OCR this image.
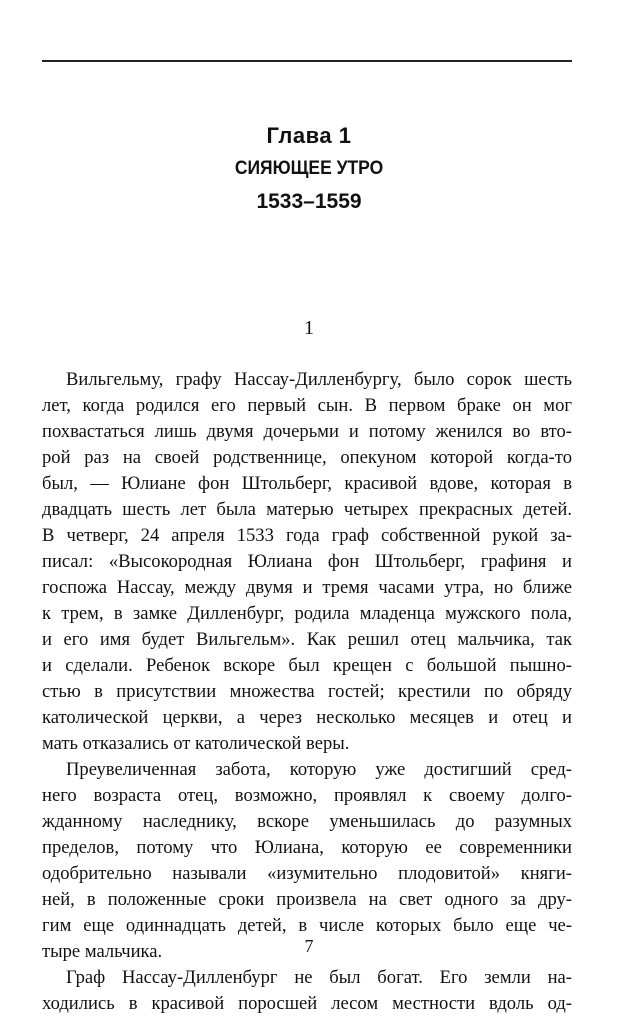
Глава 1
СИЯЮЩЕЕ УТРО
1533–1559
1
Вильгельму, графу Нассау-Дилленбургу, было сорок шесть
лет, когда родился его первый сын. В первом браке он мог
похвастаться лишь двумя дочерьми и потому женился во вто-
рой раз на своей родственнице, опекуном которой когда-то
был, — Юлиане фон Штольберг, красивой вдове, которая в
двадцать шесть лет была матерью четырех прекрасных детей.
В четверг, 24 апреля 1533 года граф собственной рукой за-
писал: «Высокородная Юлиана фон Штольберг, графиня и
госпожа Нассау, между двумя и тремя часами утра, но ближе
к трем, в замке Дилленбург, родила младенца мужского пола,
и его имя будет Вильгельм». Как решил отец мальчика, так
и сделали. Ребенок вскоре был крещен с большой пышно-
стью в присутствии множества гостей; крестили по обряду
католической церкви, а через несколько месяцев и отец и
мать отказались от католической веры.
Преувеличенная забота, которую уже достигший сред-
него возраста отец, возможно, проявлял к своему долго-
жданному наследнику, вскоре уменьшилась до разумных
пределов, потому что Юлиана, которую ее современники
одобрительно называли «изумительно плодовитой» княги-
ней, в положенные сроки произвела на свет одного за дру-
гим еще одиннадцать детей, в числе которых было еще че-
тыре мальчика.
Граф Нассау-Дилленбург не был богат. Его земли на-
ходились в красивой поросшей лесом местности вдоль од-
7
